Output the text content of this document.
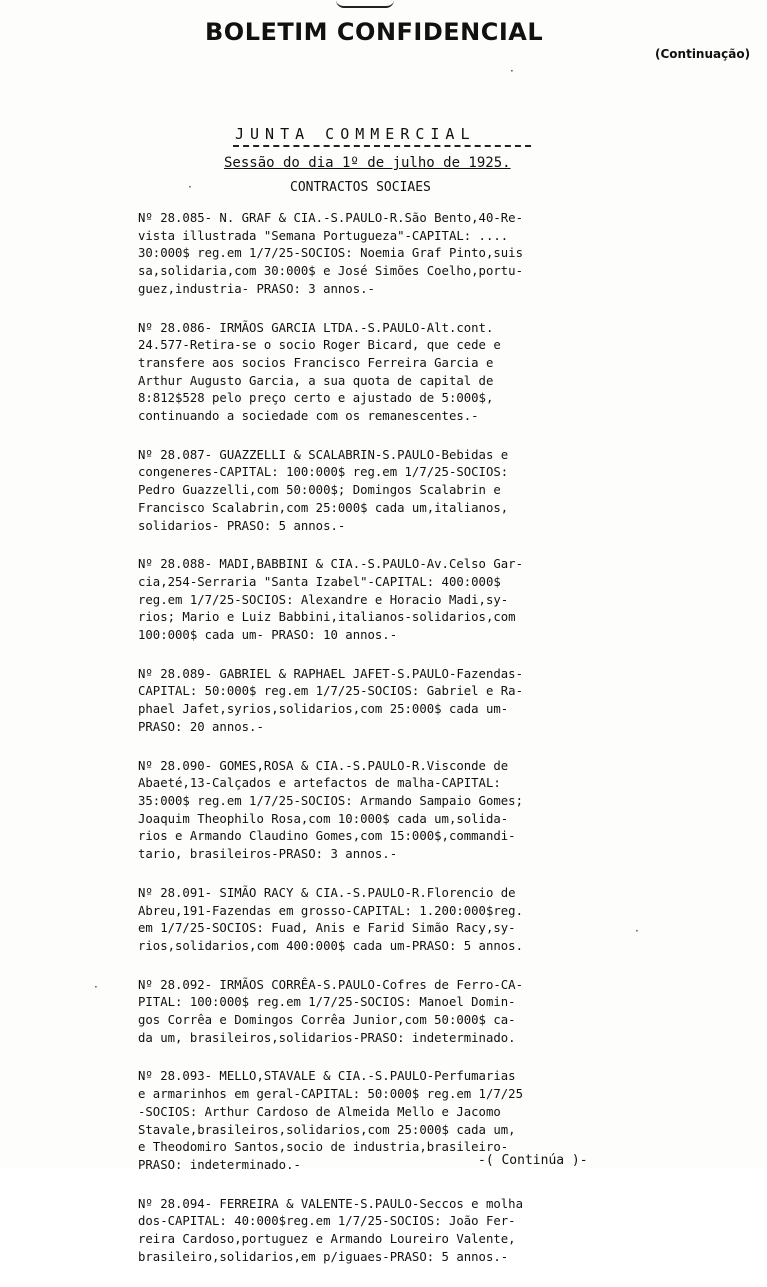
BOLETIM CONFIDENCIAL
(Continuação)
JUNTA COMMERCIAL
Sessão do dia 1º de julho de 1925.
CONTRACTOS SOCIAES
Nº 28.085- N. GRAF & CIA.-S.PAULO-R.São Bento,40-Re-
vista illustrada "Semana Portugueza"-CAPITAL: ....
30:000$ reg.em 1/7/25-SOCIOS: Noemia Graf Pinto,suis
sa,solidaria,com 30:000$ e José Simões Coelho,portu-
guez,industria- PRASO: 3 annos.-
Nº 28.086- IRMÃOS GARCIA LTDA.-S.PAULO-Alt.cont.
24.577-Retira-se o socio Roger Bicard, que cede e
transfere aos socios Francisco Ferreira Garcia e
Arthur Augusto Garcia, a sua quota de capital de
8:812$528 pelo preço certo e ajustado de 5:000$,
continuando a sociedade com os remanescentes.-
Nº 28.087- GUAZZELLI & SCALABRIN-S.PAULO-Bebidas e
congeneres-CAPITAL: 100:000$ reg.em 1/7/25-SOCIOS:
Pedro Guazzelli,com 50:000$; Domingos Scalabrin e
Francisco Scalabrin,com 25:000$ cada um,italianos,
solidarios- PRASO: 5 annos.-
Nº 28.088- MADI,BABBINI & CIA.-S.PAULO-Av.Celso Gar-
cia,254-Serraria "Santa Izabel"-CAPITAL: 400:000$
reg.em 1/7/25-SOCIOS: Alexandre e Horacio Madi,sy-
rios; Mario e Luiz Babbini,italianos-solidarios,com
100:000$ cada um- PRASO: 10 annos.-
Nº 28.089- GABRIEL & RAPHAEL JAFET-S.PAULO-Fazendas-
CAPITAL: 50:000$ reg.em 1/7/25-SOCIOS: Gabriel e Ra-
phael Jafet,syrios,solidarios,com 25:000$ cada um-
PRASO: 20 annos.-
Nº 28.090- GOMES,ROSA & CIA.-S.PAULO-R.Visconde de
Abaeté,13-Calçados e artefactos de malha-CAPITAL:
35:000$ reg.em 1/7/25-SOCIOS: Armando Sampaio Gomes;
Joaquim Theophilo Rosa,com 10:000$ cada um,solida-
rios e Armando Claudino Gomes,com 15:000$,commandi-
tario, brasileiros-PRASO: 3 annos.-
Nº 28.091- SIMÃO RACY & CIA.-S.PAULO-R.Florencio de
Abreu,191-Fazendas em grosso-CAPITAL: 1.200:000$reg.
em 1/7/25-SOCIOS: Fuad, Anis e Farid Simão Racy,sy-
rios,solidarios,com 400:000$ cada um-PRASO: 5 annos.
Nº 28.092- IRMÃOS CORRÊA-S.PAULO-Cofres de Ferro-CA-
PITAL: 100:000$ reg.em 1/7/25-SOCIOS: Manoel Domin-
gos Corrêa e Domingos Corrêa Junior,com 50:000$ ca-
da um, brasileiros,solidarios-PRASO: indeterminado.
Nº 28.093- MELLO,STAVALE & CIA.-S.PAULO-Perfumarias
e armarinhos em geral-CAPITAL: 50:000$ reg.em 1/7/25
-SOCIOS: Arthur Cardoso de Almeida Mello e Jacomo
Stavale,brasileiros,solidarios,com 25:000$ cada um,
e Theodomiro Santos,socio de industria,brasileiro-
PRASO: indeterminado.-
Nº 28.094- FERREIRA & VALENTE-S.PAULO-Seccos e molha
dos-CAPITAL: 40:000$reg.em 1/7/25-SOCIOS: João Fer-
reira Cardoso,portuguez e Armando Loureiro Valente,
brasileiro,solidarios,em p/iguaes-PRASO: 5 annos.-
-( Continúa )-
·
·
·
·
